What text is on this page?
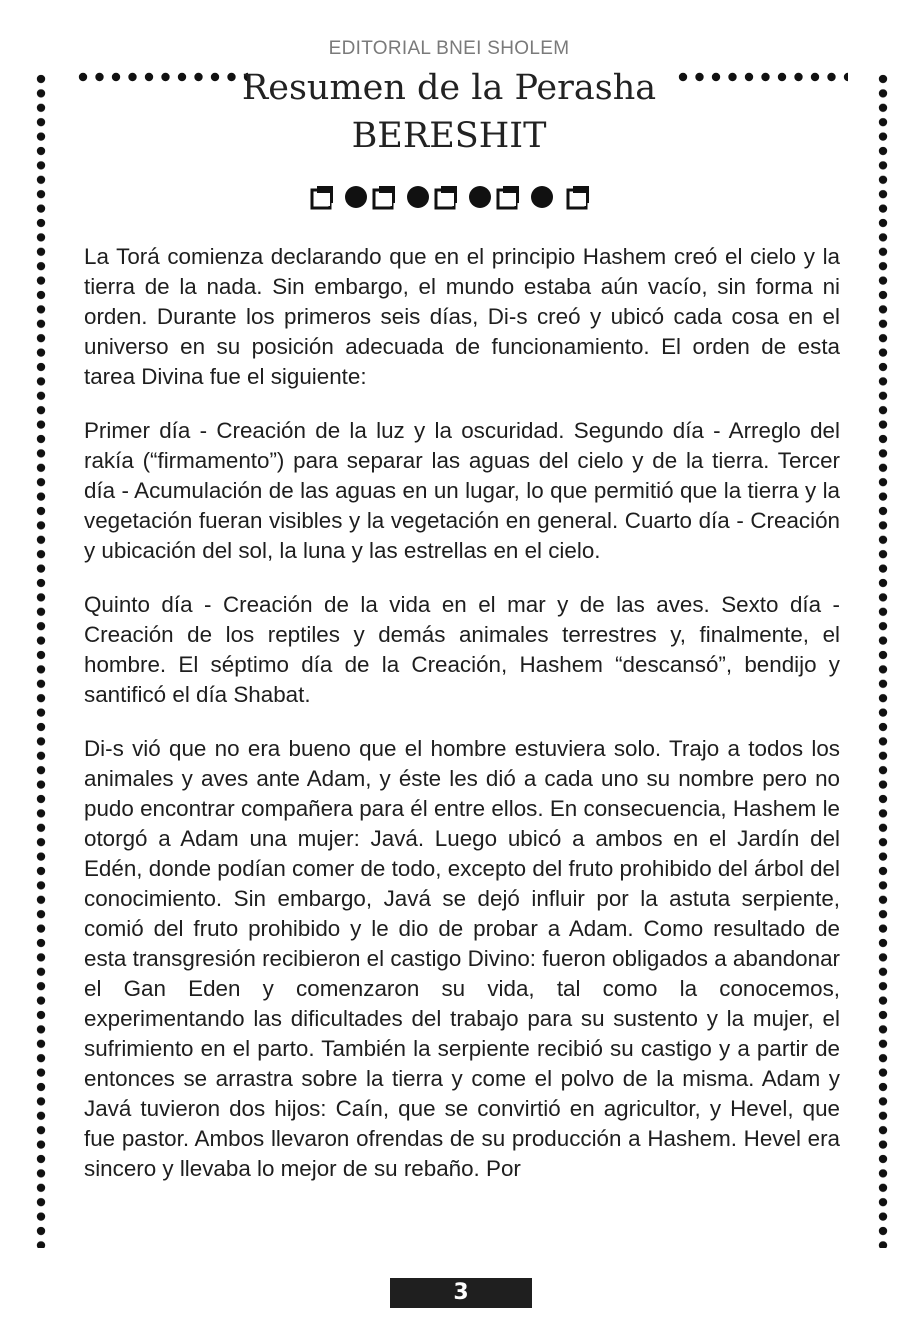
EDITORIAL BNEI SHOLEM
Resumen de la Perasha
BERESHIT

La Torá comienza declarando que en el principio Hashem creó el cielo y la tierra de la nada. Sin embargo, el mundo estaba aún vacío, sin forma ni orden. Durante los primeros seis días, Di-s creó y ubicó cada cosa en el universo en su posición adecuada de funcionamiento. El orden de esta tarea Divina fue el siguiente:

Primer día - Creación de la luz y la oscuridad. Segundo día - Arreglo del rakía (“firmamento”) para separar las aguas del cielo y de la tierra. Tercer día - Acumulación de las aguas en un lugar, lo que permitió que la tierra y la vegetación fueran visibles y la vegetación en general. Cuarto día - Creación y ubicación del sol, la luna y las estrellas en el cielo.

Quinto día - Creación de la vida en el mar y de las aves. Sexto día - Creación de los reptiles y demás animales terrestres y, finalmente, el hombre. El séptimo día de la Creación, Hashem “descansó”, bendijo y santificó el día Shabat.

Di-s vió que no era bueno que el hombre estuviera solo. Trajo a todos los animales y aves ante Adam, y éste les dió a cada uno su nombre pero no pudo encontrar compañera para él entre ellos. En consecuencia, Hashem le otorgó a Adam una mujer: Javá. Luego ubicó a ambos en el Jardín del Edén, donde podían comer de todo, excepto del fruto prohibido del árbol del conocimiento. Sin embargo, Javá se dejó influir por la astuta serpiente, comió del fruto prohibido y le dio de probar a Adam. Como resultado de esta transgresión recibieron el castigo Divino: fueron obligados a abandonar el Gan Eden y comenzaron su vida, tal como la conocemos, experimentando las dificultades del trabajo para su sustento y la mujer, el sufrimiento en el parto. También la serpiente recibió su castigo y a partir de entonces se arrastra sobre la tierra y come el polvo de la misma. Adam y Javá tuvieron dos hijos: Caín, que se convirtió en agricultor, y Hevel, que fue pastor. Ambos llevaron ofrendas de su producción a Hashem. Hevel era sincero y llevaba lo mejor de su rebaño. Por

3
